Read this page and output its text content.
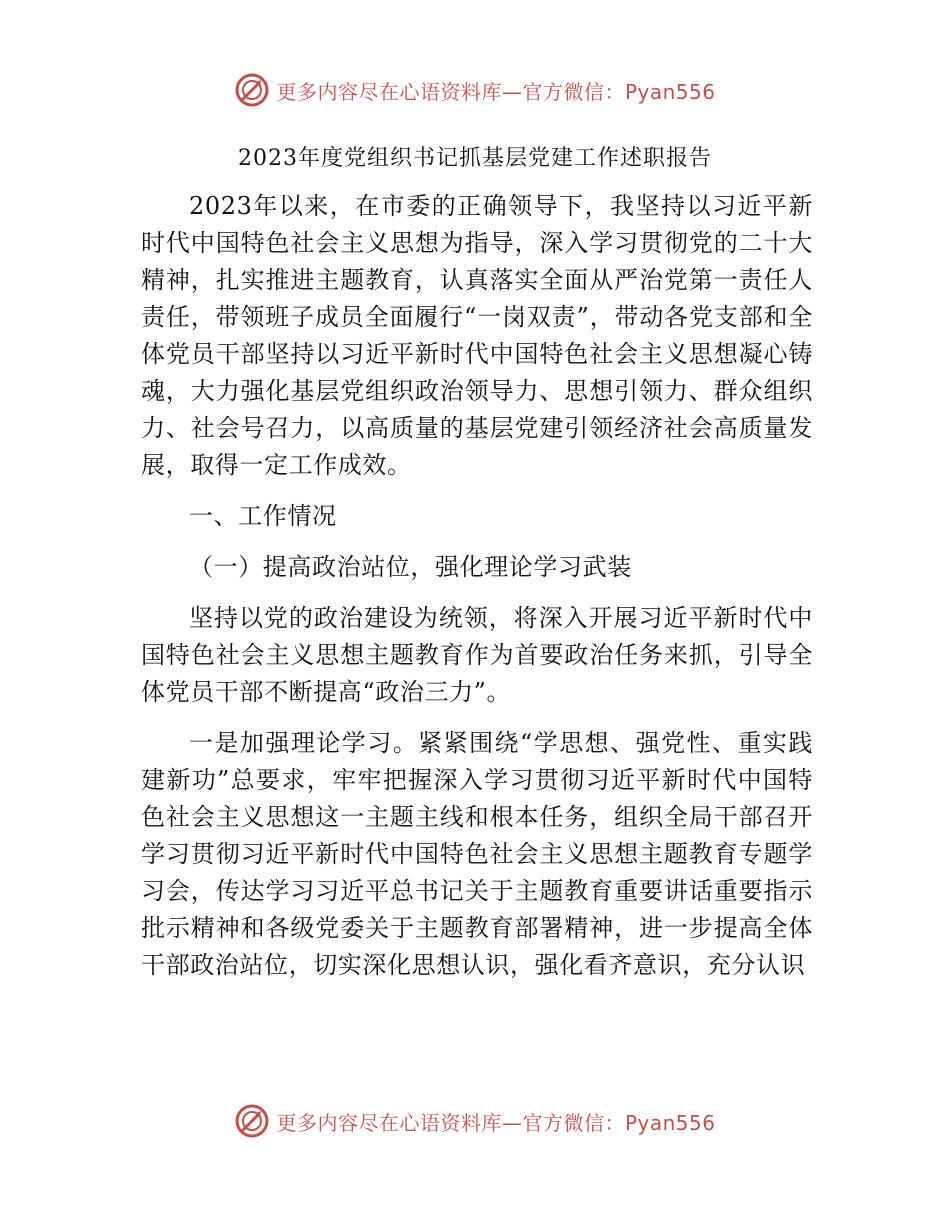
更多内容尽在心语资料库—官方微信：Pyan556
2023年度党组织书记抓基层党建工作述职报告

2023年以来，在市委的正确领导下，我坚持以习近平新时代中国特色社会主义思想为指导，深入学习贯彻党的二十大精神，扎实推进主题教育，认真落实全面从严治党第一责任人责任，带领班子成员全面履行“一岗双责”，带动各党支部和全体党员干部坚持以习近平新时代中国特色社会主义思想凝心铸魂，大力强化基层党组织政治领导力、思想引领力、群众组织力、社会号召力，以高质量的基层党建引领经济社会高质量发展，取得一定工作成效。

一、工作情况

（一）提高政治站位，强化理论学习武装

坚持以党的政治建设为统领，将深入开展习近平新时代中国特色社会主义思想主题教育作为首要政治任务来抓，引导全体党员干部不断提高“政治三力”。

一是加强理论学习。紧紧围绕“学思想、强党性、重实践建新功”总要求，牢牢把握深入学习贯彻习近平新时代中国特色社会主义思想这一主题主线和根本任务，组织全局干部召开学习贯彻习近平新时代中国特色社会主义思想主题教育专题学习会，传达学习习近平总书记关于主题教育重要讲话重要指示批示精神和各级党委关于主题教育部署精神，进一步提高全体干部政治站位，切实深化思想认识，强化看齐意识，充分认识

更多内容尽在心语资料库—官方微信：Pyan556
